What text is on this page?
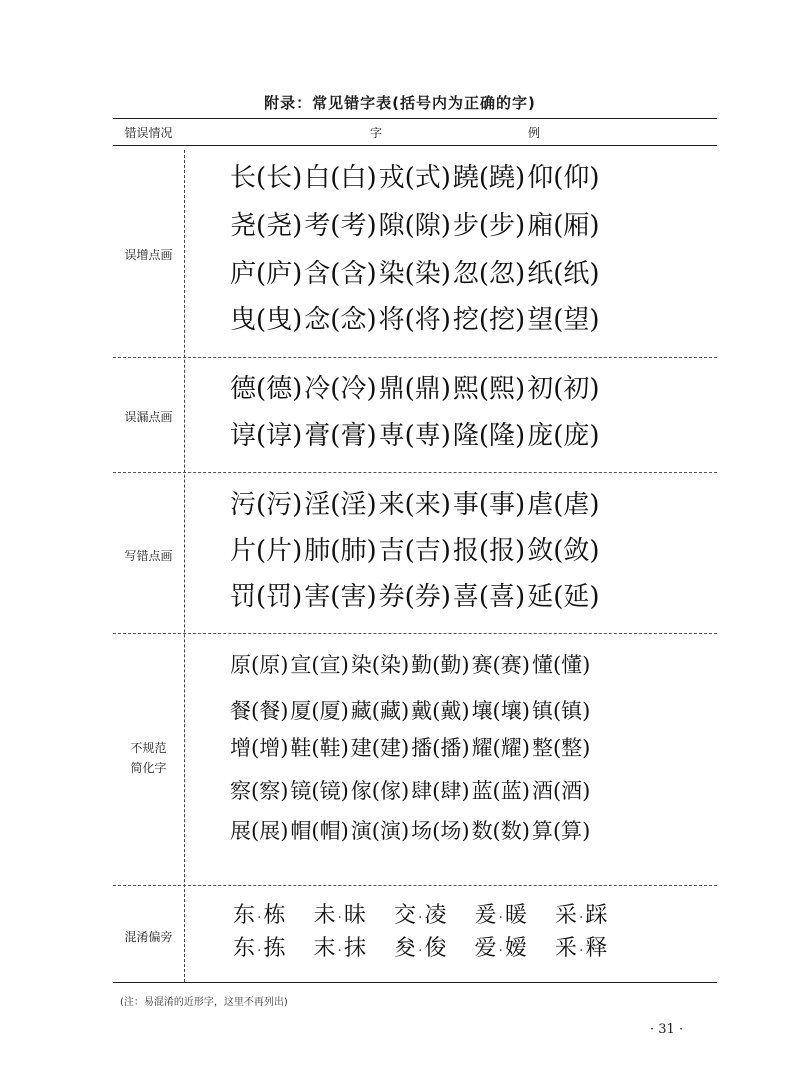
附录：常见错字表(括号内为正确的字)
错误情况	字	例
误增点画
长(长)白(白)戎(式)蹺(蹺)仰(仰)
尧(尧)考(考)隙(隙)步(步)廂(厢)
庐(庐)含(含)染(染)忽(忽)纸(纸)
曳(曳)念(念)将(将)挖(挖)望(望)
误漏点画
德(德)冷(冷)鼎(鼎)熙(熙)初(初)
谆(谆)膏(膏)専(専)隆(隆)庞(庞)
写错点画
污(污)淫(淫)来(来)事(事)虐(虐)
片(片)肺(肺)吉(吉)报(报)敛(敛)
罚(罚)害(害)券(券)喜(喜)延(延)
不规范
简化字
原(原)宣(宣)染(染)勤(勤)赛(赛)懂(懂)
餐(餐)厦(厦)藏(藏)戴(戴)壤(壤)镇(镇)
增(增)鞋(鞋)建(建)播(播)耀(耀)整(整)
察(察)镜(镜)傢(傢)肆(肆)蓝(蓝)酒(酒)
展(展)帽(帽)演(演)场(场)数(数)算(算)
混淆偏旁
东 ·栋 未 ·昧 交 ·凌 爰 ·暖 采 ·踩
东 ·拣 末 ·抹 夋 ·俊 爱 ·嫒 釆 ·释
(注：易混淆的近形字，这里不再列出)
· 31 ·
